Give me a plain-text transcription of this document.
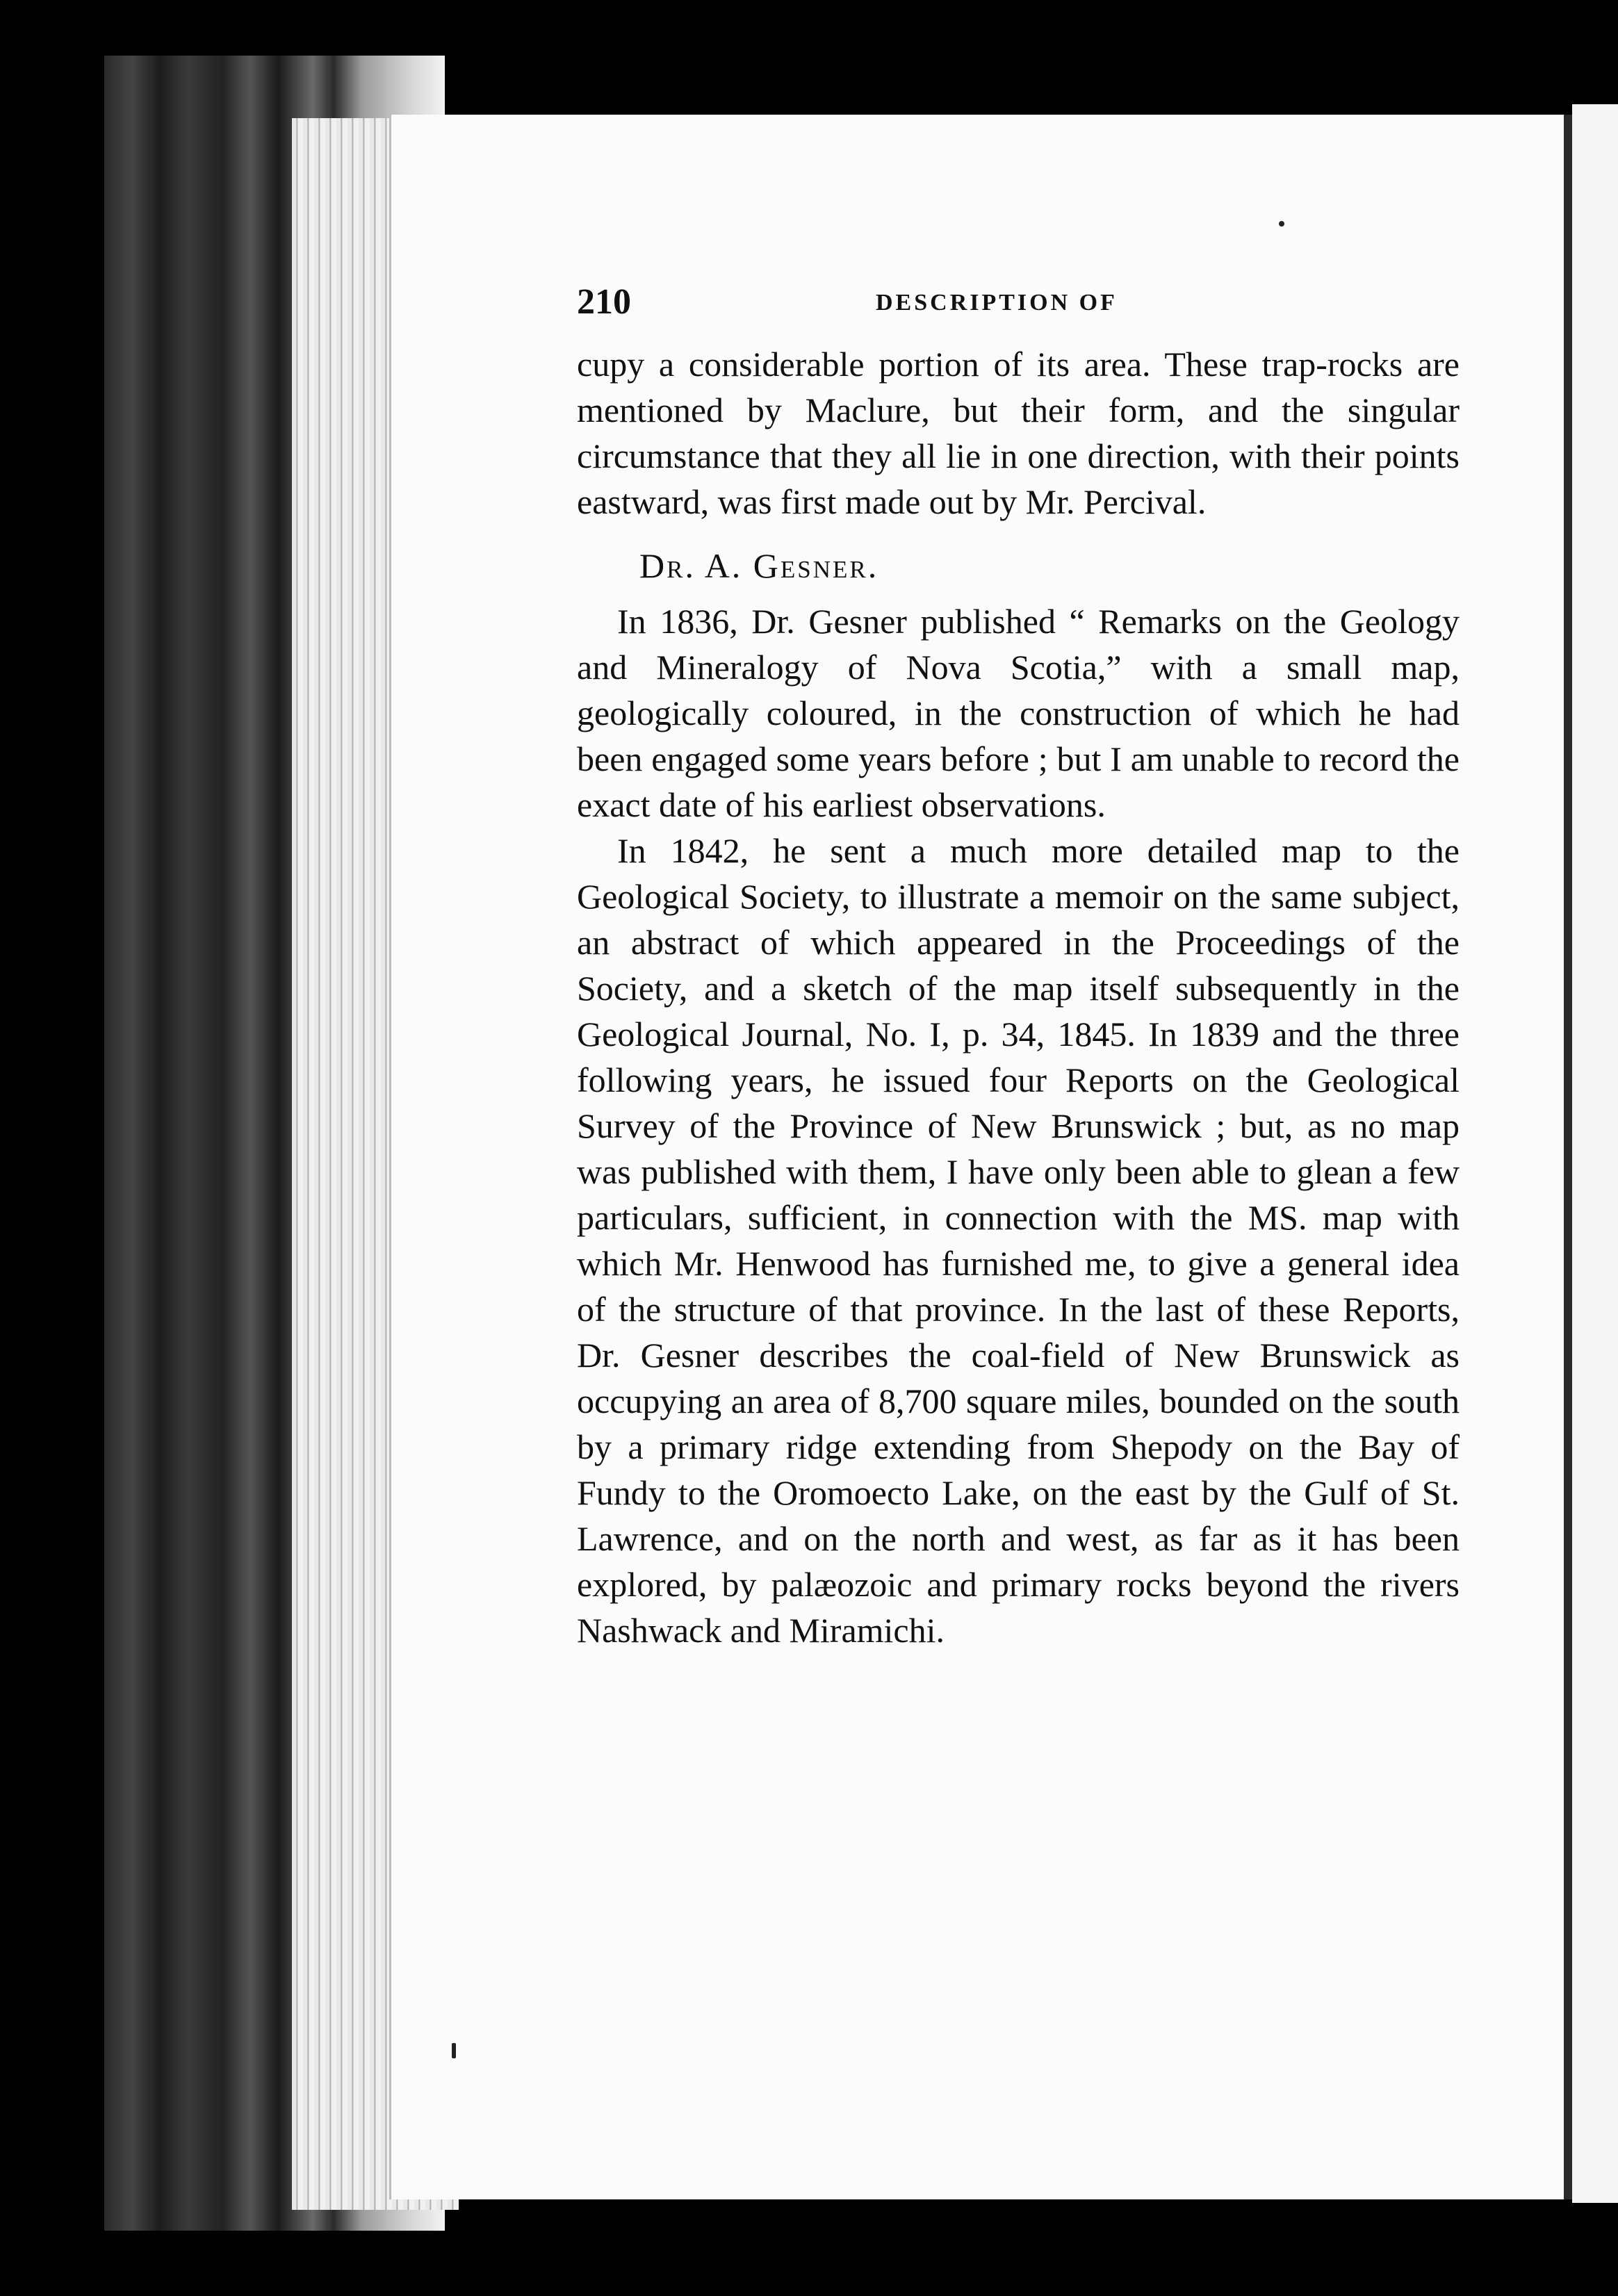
210	DESCRIPTION OF

cupy a considerable portion of its area. These trap-rocks are mentioned by Maclure, but their form, and the singular circumstance that they all lie in one direction, with their points eastward, was first made out by Mr. Percival.

Dr. A. Gesner.

In 1836, Dr. Gesner published “ Remarks on the Geology and Mineralogy of Nova Scotia,” with a small map, geologically coloured, in the construction of which he had been engaged some years before ; but I am unable to record the exact date of his earliest observations.

In 1842, he sent a much more detailed map to the Geological Society, to illustrate a memoir on the same subject, an abstract of which appeared in the Proceedings of the Society, and a sketch of the map itself subsequently in the Geological Journal, No. I, p. 34, 1845. In 1839 and the three following years, he issued four Reports on the Geological Survey of the Province of New Brunswick ; but, as no map was published with them, I have only been able to glean a few particulars, sufficient, in connection with the MS. map with which Mr. Henwood has furnished me, to give a general idea of the structure of that province. In the last of these Reports, Dr. Gesner describes the coal-field of New Brunswick as occupying an area of 8,700 square miles, bounded on the south by a primary ridge extending from Shepody on the Bay of Fundy to the Oromoecto Lake, on the east by the Gulf of St. Lawrence, and on the north and west, as far as it has been explored, by palæozoic and primary rocks beyond the rivers Nashwack and Miramichi.
